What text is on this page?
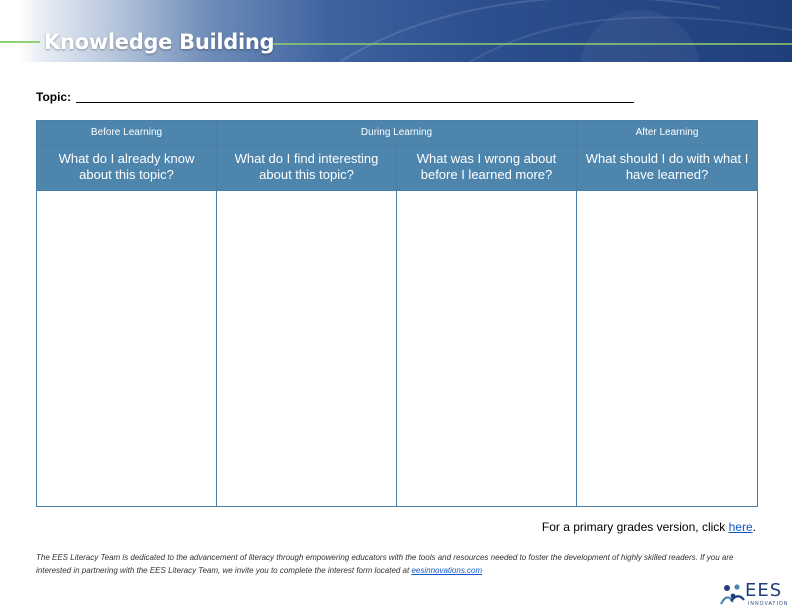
Knowledge Building
Topic:
Before Learning	During Learning		After Learning
What do I already know about this topic?	What do I find interesting about this topic?	What was I wrong about before I learned more?	What should I do with what I have learned?

For a primary grades version, click here.
The EES Literacy Team is dedicated to the advancement of literacy through empowering educators with the tools and resources needed to foster the development of highly skilled readers. If you are interested in partnering with the EES Literacy Team, we invite you to complete the interest form located at eesinnovations.com
EES
INNOVATION
